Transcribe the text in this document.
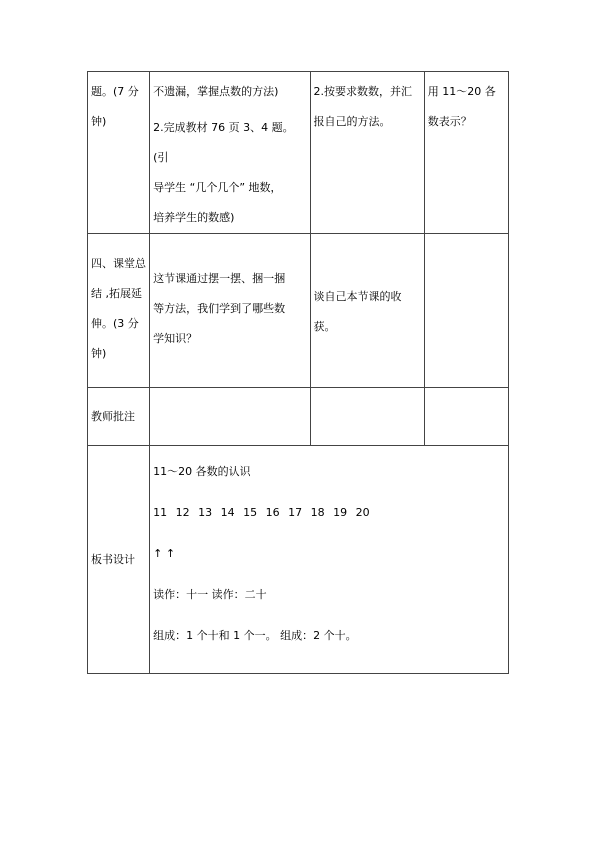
题。(7 分
钟)	不遗漏，掌握点数的方法)
2.完成教材 76 页 3、4 题。(引
导学生 “几个几个” 地数，
培养学生的数感)	2.按要求数数，并汇
报自己的方法。	用 11～20 各
数表示？

四、课堂总
结 ,拓展延
伸。(3 分
钟)	这节课通过摆一摆、捆一捆
等方法，我们学到了哪些数
学知识？	谈自己本节课的收
获。	

教师批注			

板书设计	11～20 各数的认识
11 12 13 14 15 16 17 18 19 20
↑ ↑
读作：十一 读作：二十
组成：1 个十和 1 个一。 组成：2 个十。		
